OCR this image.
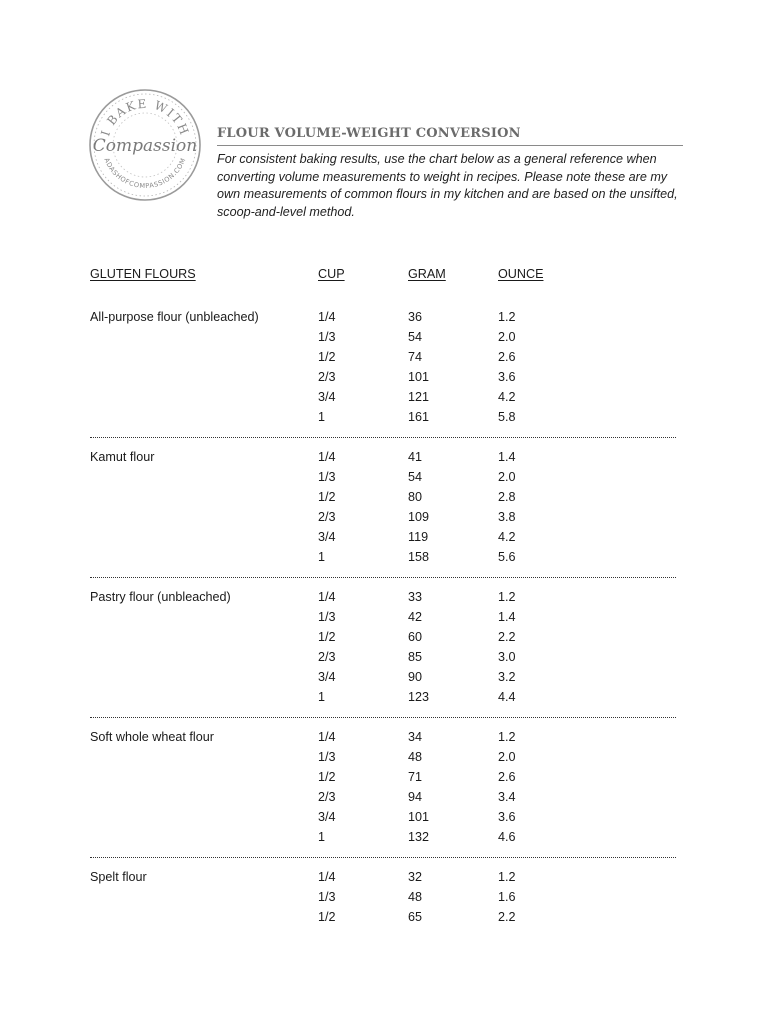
I BAKE WITH
Compassion
ADASHOFCOMPASSION.COM
FLOUR VOLUME-WEIGHT CONVERSION

For consistent baking results, use the chart below as a general reference when converting volume measurements to weight in recipes. Please note these are my own measurements of common flours in my kitchen and are based on the unsifted, scoop-and-level method.

GLUTEN FLOURS	CUP	GRAM	OUNCE
All-purpose flour (unbleached)	1/4	36	1.2
1/3	54	2.0
1/2	74	2.6
2/3	101	3.6
3/4	121	4.2
1	161	5.8
Kamut flour	1/4	41	1.4
1/3	54	2.0
1/2	80	2.8
2/3	109	3.8
3/4	119	4.2
1	158	5.6
Pastry flour (unbleached)	1/4	33	1.2
1/3	42	1.4
1/2	60	2.2
2/3	85	3.0
3/4	90	3.2
1	123	4.4
Soft whole wheat flour	1/4	34	1.2
1/3	48	2.0
1/2	71	2.6
2/3	94	3.4
3/4	101	3.6
1	132	4.6
Spelt flour	1/4	32	1.2
1/3	48	1.6
1/2	65	2.2
